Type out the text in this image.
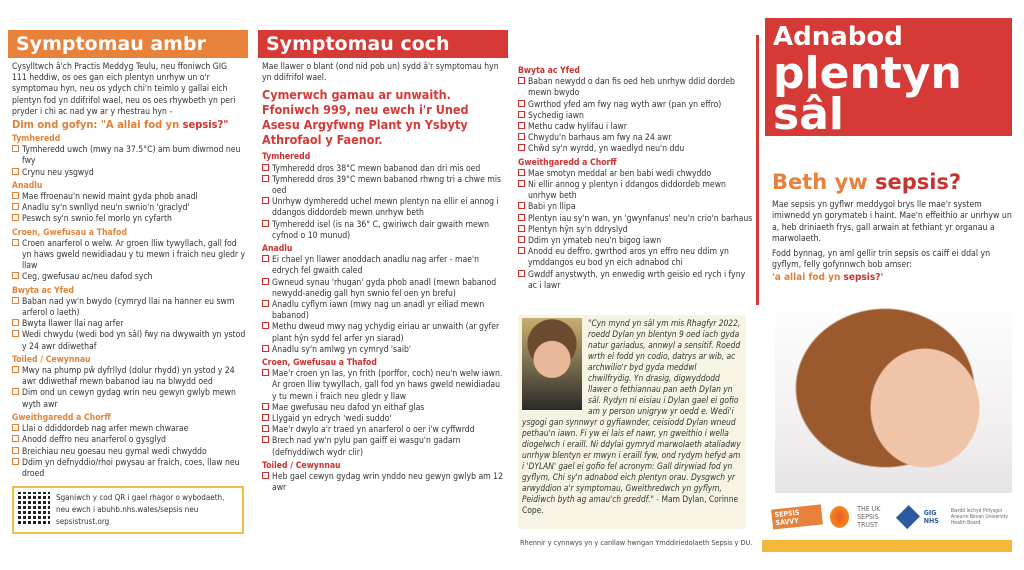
Symptomau ambr
Cysylltwch â'ch Practis Meddyg Teulu, neu ffoniwch GIG 111 heddiw, os oes gan eich plentyn unrhyw un o'r symptomau hyn, neu os ydych chi'n teimlo y gallai eich plentyn fod yn ddifrifol wael, neu os oes rhywbeth yn peri pryder i chi ac nad yw ar y rhestrau hyn -
Dim ond gofyn: "A allai fod yn sepsis?"
Tymheredd
Tymheredd uwch (mwy na 37.5°C) am bum diwrnod neu fwy
Crynu neu ysgwyd
Anadlu
Mae ffroenau'n newid maint gyda phob anadl
Anadlu sy'n swnllyd neu'n swnio'n 'graclyd'
Peswch sy'n swnio fel morlo yn cyfarth
Croen, Gwefusau a Thafod
Croen anarferol o welw. Ar groen lliw tywyllach, gall fod yn haws gweld newidiadau y tu mewn i fraich neu gledr y llaw
Ceg, gwefusau ac/neu dafod sych
Bwyta ac Yfed
Baban nad yw'n bwydo (cymryd llai na hanner eu swm arferol o laeth)
Bwyta llawer llai nag arfer
Wedi chwydu (wedi bod yn sâl) fwy na dwywaith yn ystod y 24 awr ddiwethaf
Toiled / Cewynnau
Mwy na phump pŵ dyfrllyd (dolur rhydd) yn ystod y 24 awr ddiwethaf mewn babanod iau na blwydd oed
Dim ond un cewyn gydag wrin neu gewyn gwlyb mewn wyth awr
Gweithgaredd a Chorff
Llai o ddiddordeb nag arfer mewn chwarae
Anodd deffro neu anarferol o gysglyd
Breichiau neu goesau neu gymal wedi chwyddo
Ddim yn defnyddio/rhoi pwysau ar fraich, coes, llaw neu droed
Sganiwch y cod QR i gael rhagor o wybodaeth, neu ewch i abuhb.nhs.wales/sepsis neu sepsistrust.org
Symptomau coch
Mae llawer o blant (ond nid pob un) sydd â'r symptomau hyn yn ddifrifol wael.
Cymerwch gamau ar unwaith. Ffoniwch 999, neu ewch i'r Uned Asesu Argyfwng Plant yn Ysbyty Athrofaol y Faenor.
Tymheredd
Tymheredd dros 38°C mewn babanod dan dri mis oed
Tymheredd dros 39°C mewn babanod rhwng tri a chwe mis oed
Unrhyw dymheredd uchel mewn plentyn na ellir ei annog i ddangos diddordeb mewn unrhyw beth
Tymheredd isel (is na 36° C, gwiriwch dair gwaith mewn cyfnod o 10 munud)
Anadlu
Ei chael yn llawer anoddach anadlu nag arfer - mae'n edrych fel gwaith caled
Gwneud synau 'rhugan' gyda phob anadl (mewn babanod newydd-anedig gall hyn swnio fel oen yn brefu)
Anadlu cyflym iawn (mwy nag un anadl yr eiliad mewn babanod)
Methu dweud mwy nag ychydig eiriau ar unwaith (ar gyfer plant hŷn sydd fel arfer yn siarad)
Anadlu sy'n amlwg yn cymryd 'saib'
Croen, Gwefusau a Thafod
Mae'r croen yn las, yn frith (porffor, coch) neu'n welw iawn. Ar groen lliw tywyllach, gall fod yn haws gweld newidiadau y tu mewn i fraich neu gledr y llaw
Mae gwefusau neu dafod yn eithaf glas
Llygaid yn edrych 'wedi suddo'
Mae'r dwylo a'r traed yn anarferol o oer i'w cyffwrdd
Brech nad yw'n pylu pan gaiff ei wasgu'n gadarn (defnyddiwch wydr clir)
Toiled / Cewynnau
Heb gael cewyn gydag wrin ynddo neu gewyn gwlyb am 12 awr
Bwyta ac Yfed
Baban newydd o dan fis oed heb unrhyw ddid dordeb mewn bwydo
Gwrthod yfed am fwy nag wyth awr (pan yn effro)
Sychedig iawn
Methu cadw hylifau i lawr
Chwydu'n barhaus am fwy na 24 awr
Chŵd sy'n wyrdd, yn waedlyd neu'n ddu
Gweithgaredd a Chorff
Mae smotyn meddal ar ben babi wedi chwyddo
Ni ellir annog y plentyn i ddangos diddordeb mewn unrhyw beth
Babi yn llipa
Plentyn iau sy'n wan, yn 'gwynfanus' neu'n crio'n barhaus
Plentyn hŷn sy'n ddryslyd
Ddim yn ymateb neu'n bigog iawn
Anodd eu deffro, gwrthod aros yn effro neu ddim yn ymddangos eu bod yn eich adnabod chi
Gwddf anystwyth, yn enwedig wrth geisio ed rych i fyny ac i lawr
"Cyn mynd yn sâl ym mis Rhagfyr 2022, roedd Dylan yn blentyn 9 oed iach gyda natur gariadus, annwyl a sensitif. Roedd wrth ei fodd yn codio, datrys ar wib, ac archwilio'r byd gyda meddwl chwilfrydig. Yn drasig, digwyddodd llawer o fethiannau pan aeth Dylan yn sâl. Rydyn ni eisiau i Dylan gael ei gofio am y person unigryw yr oedd e. Wedi'i ysgogi gan synnwyr o gyfiawnder, ceisiodd Dylan wneud pethau'n iawn. Fi yw ei lais ef nawr, yn gweithio i wella diogelwch i eraill. Ni ddylai gymryd marwolaeth ataliadwy unrhyw blentyn er mwyn i eraill fyw, ond rydym hefyd am i 'DYLAN' gael ei gofio fel acronym: Gall dirywiad fod yn gyflym, Chi sy'n adnabod eich plentyn orau. Dysgwch yr arwyddion a'r symptomau, Gweithredwch yn gyflym, Peidiwch byth ag amau'ch greddf." - Mam Dylan, Corinne Cope.
Rhennir y cynnwys yn y canllaw hwngan Ymddiriedolaeth Sepsis y DU.
Adnabod
plentyn
sâl
Beth yw sepsis?

Mae sepsis yn gyflwr meddygol brys lle mae'r system imiwnedd yn gorymateb i haint. Mae'n effeithio ar unrhyw un a, heb driniaeth frys, gall arwain at fethiant yr organau a marwolaeth.

Fodd bynnag, yn aml gellir trin sepsis os caiff ei ddal yn gyflym, felly gofynnwch bob amser:

'a allai fod yn sepsis?'
SEPSIS SAVVY
THE UK SEPSIS TRUST
GIG NHS
Bwrdd Iechyd Prifysgol Aneurin Bevan University Health Board
